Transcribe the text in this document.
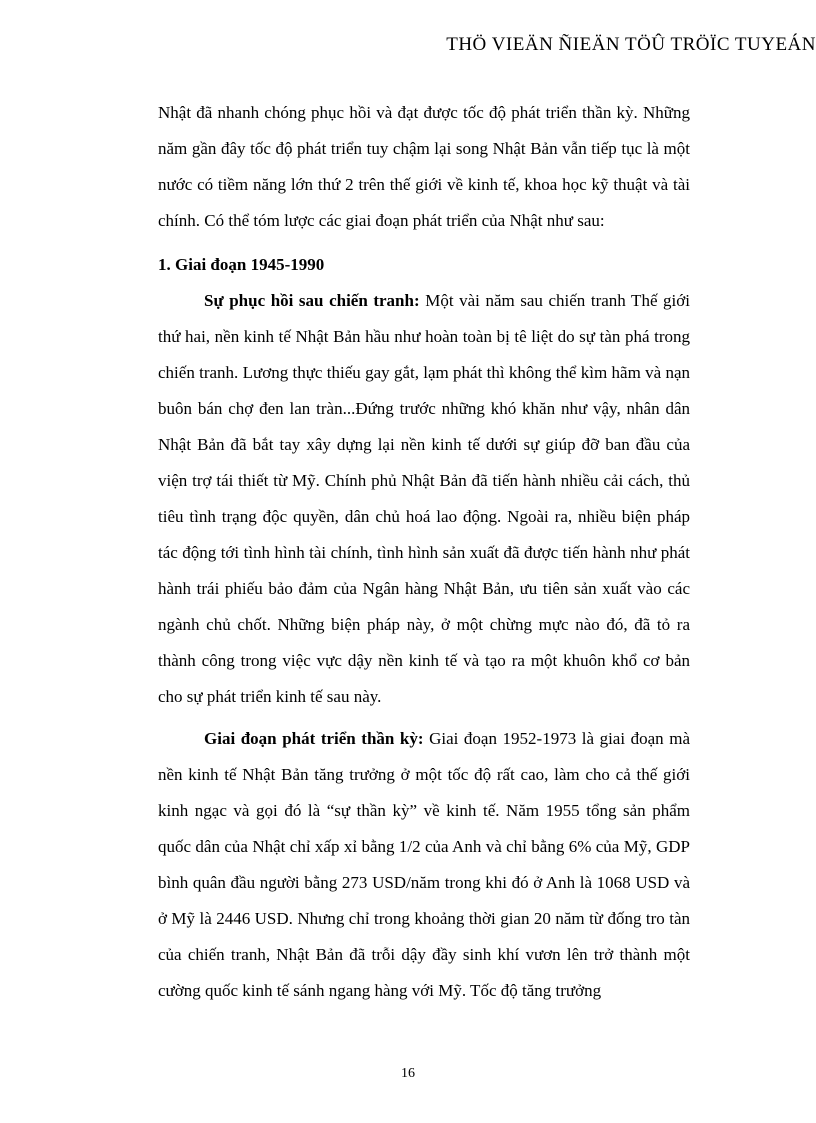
THÖ VIEÄN ÑIEÄN TÖÛ TRÖÏC TUYEÁN

Nhật đã nhanh chóng phục hồi và đạt được tốc độ phát triển thần kỳ. Những năm gần đây tốc độ phát triển tuy chậm lại song Nhật Bản vẫn tiếp tục là một nước có tiềm năng lớn thứ 2 trên thế giới về kinh tế, khoa học kỹ thuật và tài chính. Có thể tóm lược các giai đoạn phát triển của Nhật như sau:

1. Giai đoạn 1945-1990

Sự phục hồi sau chiến tranh: Một vài năm sau chiến tranh Thế giới thứ hai, nền kinh tế Nhật Bản hầu như hoàn toàn bị tê liệt do sự tàn phá trong chiến tranh. Lương thực thiếu gay gắt, lạm phát thì không thể kìm hãm và nạn buôn bán chợ đen lan tràn...Đứng trước những khó khăn như vậy, nhân dân Nhật Bản đã bắt tay xây dựng lại nền kinh tế dưới sự giúp đỡ ban đầu của viện trợ tái thiết từ Mỹ. Chính phủ Nhật Bản đã tiến hành nhiều cải cách, thủ tiêu tình trạng độc quyền, dân chủ hoá lao động. Ngoài ra, nhiều biện pháp tác động tới tình hình tài chính, tình hình sản xuất đã được tiến hành như phát hành trái phiếu bảo đảm của Ngân hàng Nhật Bản, ưu tiên sản xuất vào các ngành chủ chốt. Những biện pháp này, ở một chừng mực nào đó, đã tỏ ra thành công trong việc vực dậy nền kinh tế và tạo ra một khuôn khổ cơ bản cho sự phát triển kinh tế sau này.

Giai đoạn phát triển thần kỳ: Giai đoạn 1952-1973 là giai đoạn mà nền kinh tế Nhật Bản tăng trưởng ở một tốc độ rất cao, làm cho cả thế giới kinh ngạc và gọi đó là “sự thần kỳ” về kinh tế. Năm 1955 tổng sản phẩm quốc dân của Nhật chỉ xấp xỉ bằng 1/2 của Anh và chỉ bằng 6% của Mỹ, GDP bình quân đầu người bằng 273 USD/năm trong khi đó ở Anh là 1068 USD và ở Mỹ là 2446 USD. Nhưng chỉ trong khoảng thời gian 20 năm từ đống tro tàn của chiến tranh, Nhật Bản đã trỗi dậy đầy sinh khí vươn lên trở thành một cường quốc kinh tế sánh ngang hàng với Mỹ. Tốc độ tăng trưởng

16
